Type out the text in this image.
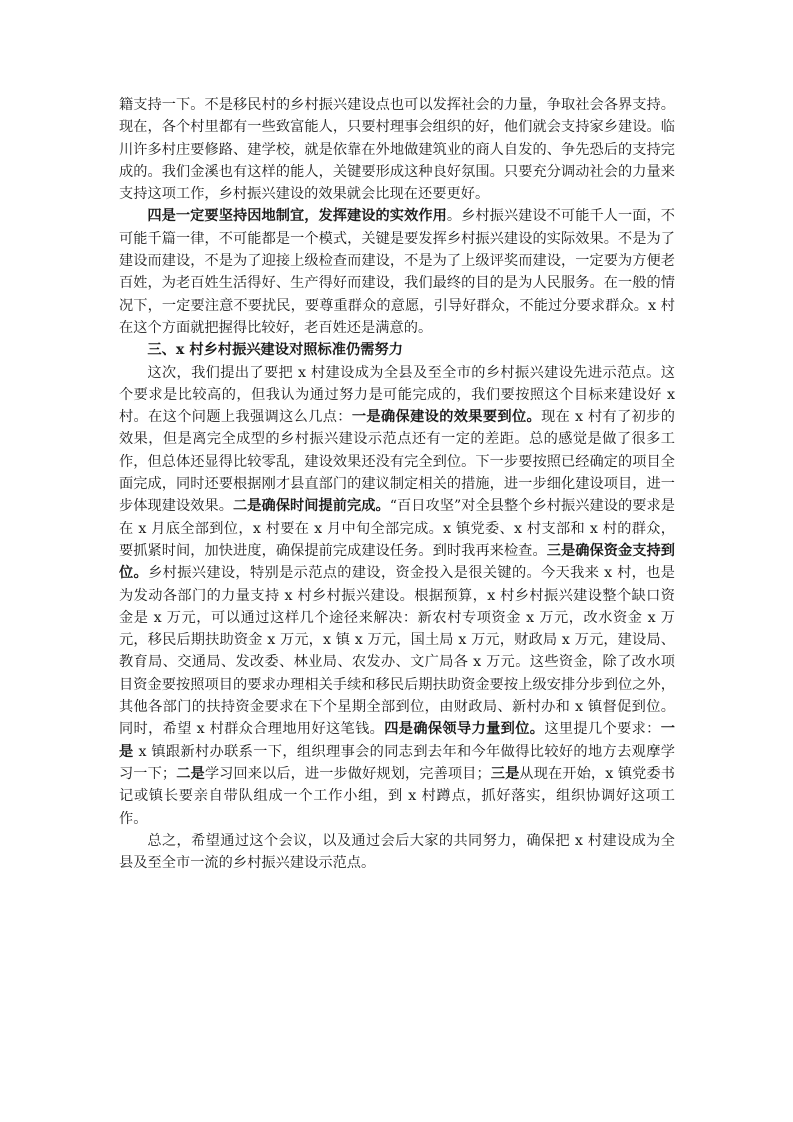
籍支持一下。不是移民村的乡村振兴建设点也可以发挥社会的力量，争取社会各界支持。现在，各个村里都有一些致富能人，只要村理事会组织的好，他们就会支持家乡建设。临川许多村庄要修路、建学校，就是依靠在外地做建筑业的商人自发的、争先恐后的支持完成的。我们金溪也有这样的能人，关键要形成这种良好氛围。只要充分调动社会的力量来支持这项工作，乡村振兴建设的效果就会比现在还要更好。

四是一定要坚持因地制宜，发挥建设的实效作用。乡村振兴建设不可能千人一面，不可能千篇一律，不可能都是一个模式，关键是要发挥乡村振兴建设的实际效果。不是为了建设而建设，不是为了迎接上级检查而建设，不是为了上级评奖而建设，一定要为方便老百姓，为老百姓生活得好、生产得好而建设，我们最终的目的是为人民服务。在一般的情况下，一定要注意不要扰民，要尊重群众的意愿，引导好群众，不能过分要求群众。x 村在这个方面就把握得比较好，老百姓还是满意的。

三、x 村乡村振兴建设对照标准仍需努力

这次，我们提出了要把 x 村建设成为全县及至全市的乡村振兴建设先进示范点。这个要求是比较高的，但我认为通过努力是可能完成的，我们要按照这个目标来建设好 x 村。在这个问题上我强调这么几点：一是确保建设的效果要到位。现在 x 村有了初步的效果，但是离完全成型的乡村振兴建设示范点还有一定的差距。总的感觉是做了很多工作，但总体还显得比较零乱，建设效果还没有完全到位。下一步要按照已经确定的项目全面完成，同时还要根据刚才县直部门的建议制定相关的措施，进一步细化建设项目，进一步体现建设效果。二是确保时间提前完成。“百日攻坚”对全县整个乡村振兴建设的要求是在 x 月底全部到位，x 村要在 x 月中旬全部完成。x 镇党委、x 村支部和 x 村的群众，要抓紧时间，加快进度，确保提前完成建设任务。到时我再来检查。三是确保资金支持到位。乡村振兴建设，特别是示范点的建设，资金投入是很关键的。今天我来 x 村，也是为发动各部门的力量支持 x 村乡村振兴建设。根据预算，x 村乡村振兴建设整个缺口资金是 x 万元，可以通过这样几个途径来解决：新农村专项资金 x 万元，改水资金 x 万元，移民后期扶助资金 x 万元，x 镇 x 万元，国土局 x 万元，财政局 x 万元，建设局、教育局、交通局、发改委、林业局、农发办、文广局各 x 万元。这些资金，除了改水项目资金要按照项目的要求办理相关手续和移民后期扶助资金要按上级安排分步到位之外，其他各部门的扶持资金要求在下个星期全部到位，由财政局、新村办和 x 镇督促到位。同时，希望 x 村群众合理地用好这笔钱。四是确保领导力量到位。这里提几个要求：一是 x 镇跟新村办联系一下，组织理事会的同志到去年和今年做得比较好的地方去观摩学习一下；二是学习回来以后，进一步做好规划，完善项目；三是从现在开始，x 镇党委书记或镇长要亲自带队组成一个工作小组，到 x 村蹲点，抓好落实，组织协调好这项工作。

总之，希望通过这个会议，以及通过会后大家的共同努力，确保把 x 村建设成为全县及至全市一流的乡村振兴建设示范点。
